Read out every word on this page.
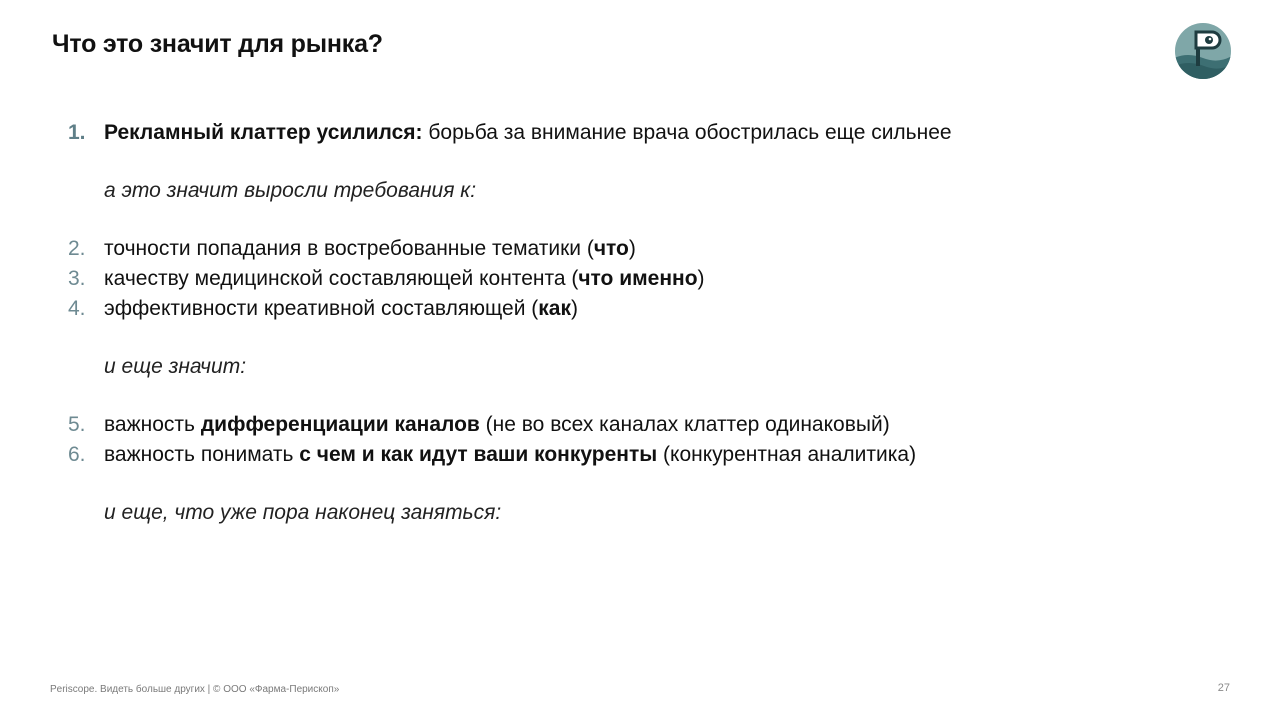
Что это значит для рынка?
1. Рекламный клаттер усилился: борьба за внимание врача обострилась еще сильнее
а это значит выросли требования к:
2. точности попадания в востребованные тематики (что)
3. качеству медицинской составляющей контента (что именно)
4. эффективности креативной составляющей (как)
и еще значит:
5. важность дифференциации каналов (не во всех каналах клаттер одинаковый)
6. важность понимать с чем и как идут ваши конкуренты (конкурентная аналитика)
и еще, что уже пора наконец заняться:
Periscope. Видеть больше других | © ООО «Фарма-Перископ»	27
